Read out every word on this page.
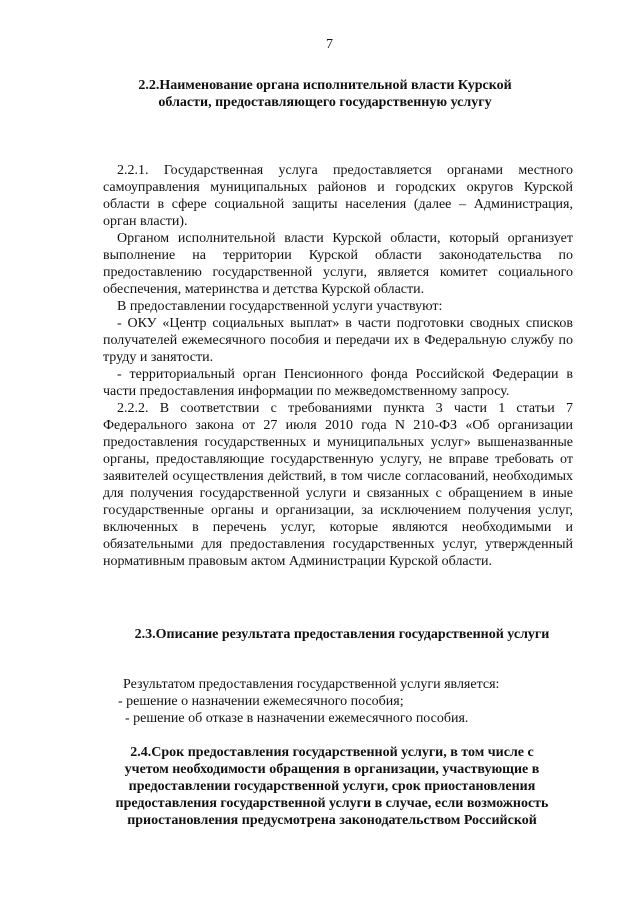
7
2.2.Наименование органа исполнительной власти Курской
области, предоставляющего государственную услугу

2.2.1. Государственная услуга предоставляется органами местного самоуправления муниципальных районов и городских округов Курской области в сфере социальной защиты населения (далее – Администрация, орган власти).

Органом исполнительной власти Курской области, который организует выполнение на территории Курской области законодательства по предоставлению государственной услуги, является комитет социального обеспечения, материнства и детства Курской области.

В предоставлении государственной услуги участвуют:

- ОКУ «Центр социальных выплат» в части подготовки сводных списков получателей ежемесячного пособия и передачи их в Федеральную службу по труду и занятости.

- территориальный орган Пенсионного фонда Российской Федерации в части предоставления информации по межведомственному запросу.

2.2.2. В соответствии с требованиями пункта 3 части 1 статьи 7 Федерального закона от 27 июля 2010 года N 210-ФЗ «Об организации предоставления государственных и муниципальных услуг» вышеназванные органы, предоставляющие государственную услугу, не вправе требовать от заявителей осуществления действий, в том числе согласований, необходимых для получения государственной услуги и связанных с обращением в иные государственные органы и организации, за исключением получения услуг, включенных в перечень услуг, которые являются необходимыми и обязательными для предоставления государственных услуг, утвержденный нормативным правовым актом Администрации Курской области.

2.3.Описание результата предоставления государственной услуги

Результатом предоставления государственной услуги является:

- решение о назначении ежемесячного пособия;

- решение об отказе в назначении ежемесячного пособия.

2.4.Срок предоставления государственной услуги, в том числе с
учетом необходимости обращения в организации, участвующие в
предоставлении государственной услуги, срок приостановления
предоставления государственной услуги в случае, если возможность
приостановления предусмотрена законодательством Российской
